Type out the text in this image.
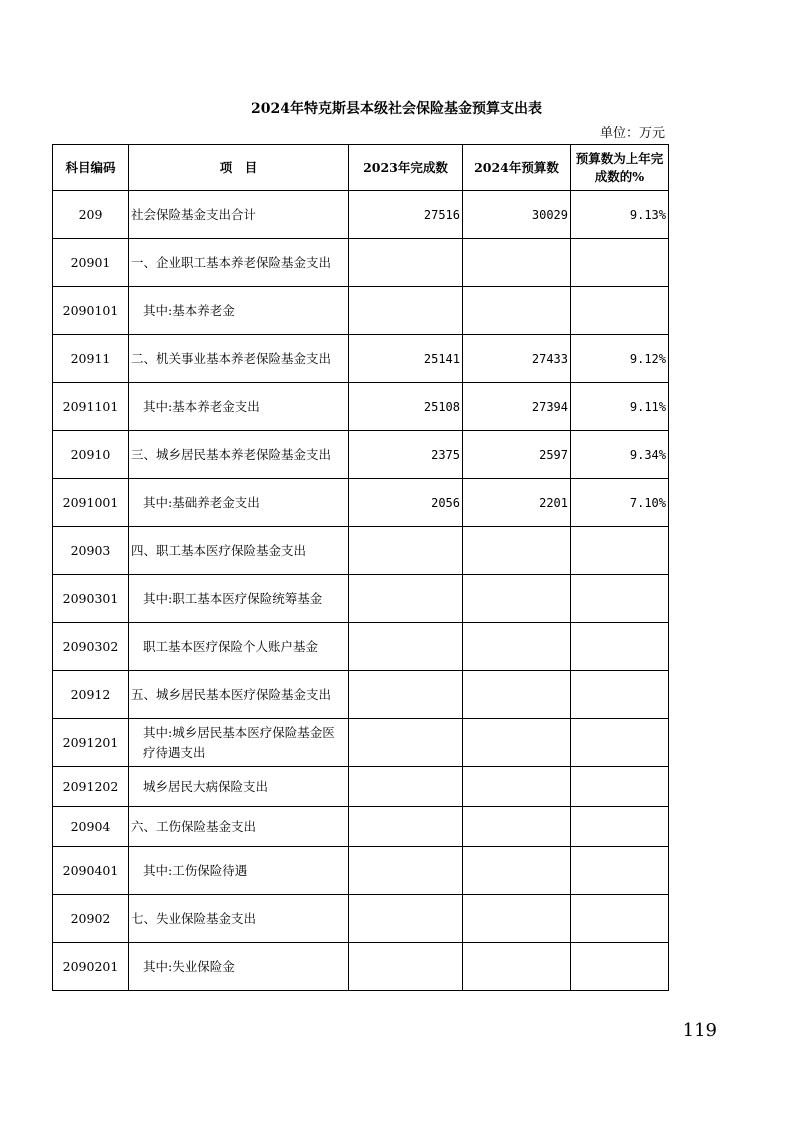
2024年特克斯县本级社会保险基金预算支出表
单位：万元
科目编码	项　目	2023年完成数	2024年预算数	预算数为上年完成数的%
209	社会保险基金支出合计	27516	30029	9.13%
20901	一、企业职工基本养老保险基金支出			
2090101	其中:基本养老金			
20911	二、机关事业基本养老保险基金支出	25141	27433	9.12%
2091101	其中:基本养老金支出	25108	27394	9.11%
20910	三、城乡居民基本养老保险基金支出	2375	2597	9.34%
2091001	其中:基础养老金支出	2056	2201	7.10%
20903	四、职工基本医疗保险基金支出			
2090301	其中:职工基本医疗保险统筹基金			
2090302	职工基本医疗保险个人账户基金			
20912	五、城乡居民基本医疗保险基金支出			
2091201	其中:城乡居民基本医疗保险基金医疗待遇支出			
2091202	城乡居民大病保险支出			
20904	六、工伤保险基金支出			
2090401	其中:工伤保险待遇			
20902	七、失业保险基金支出			
2090201	其中:失业保险金			
119
